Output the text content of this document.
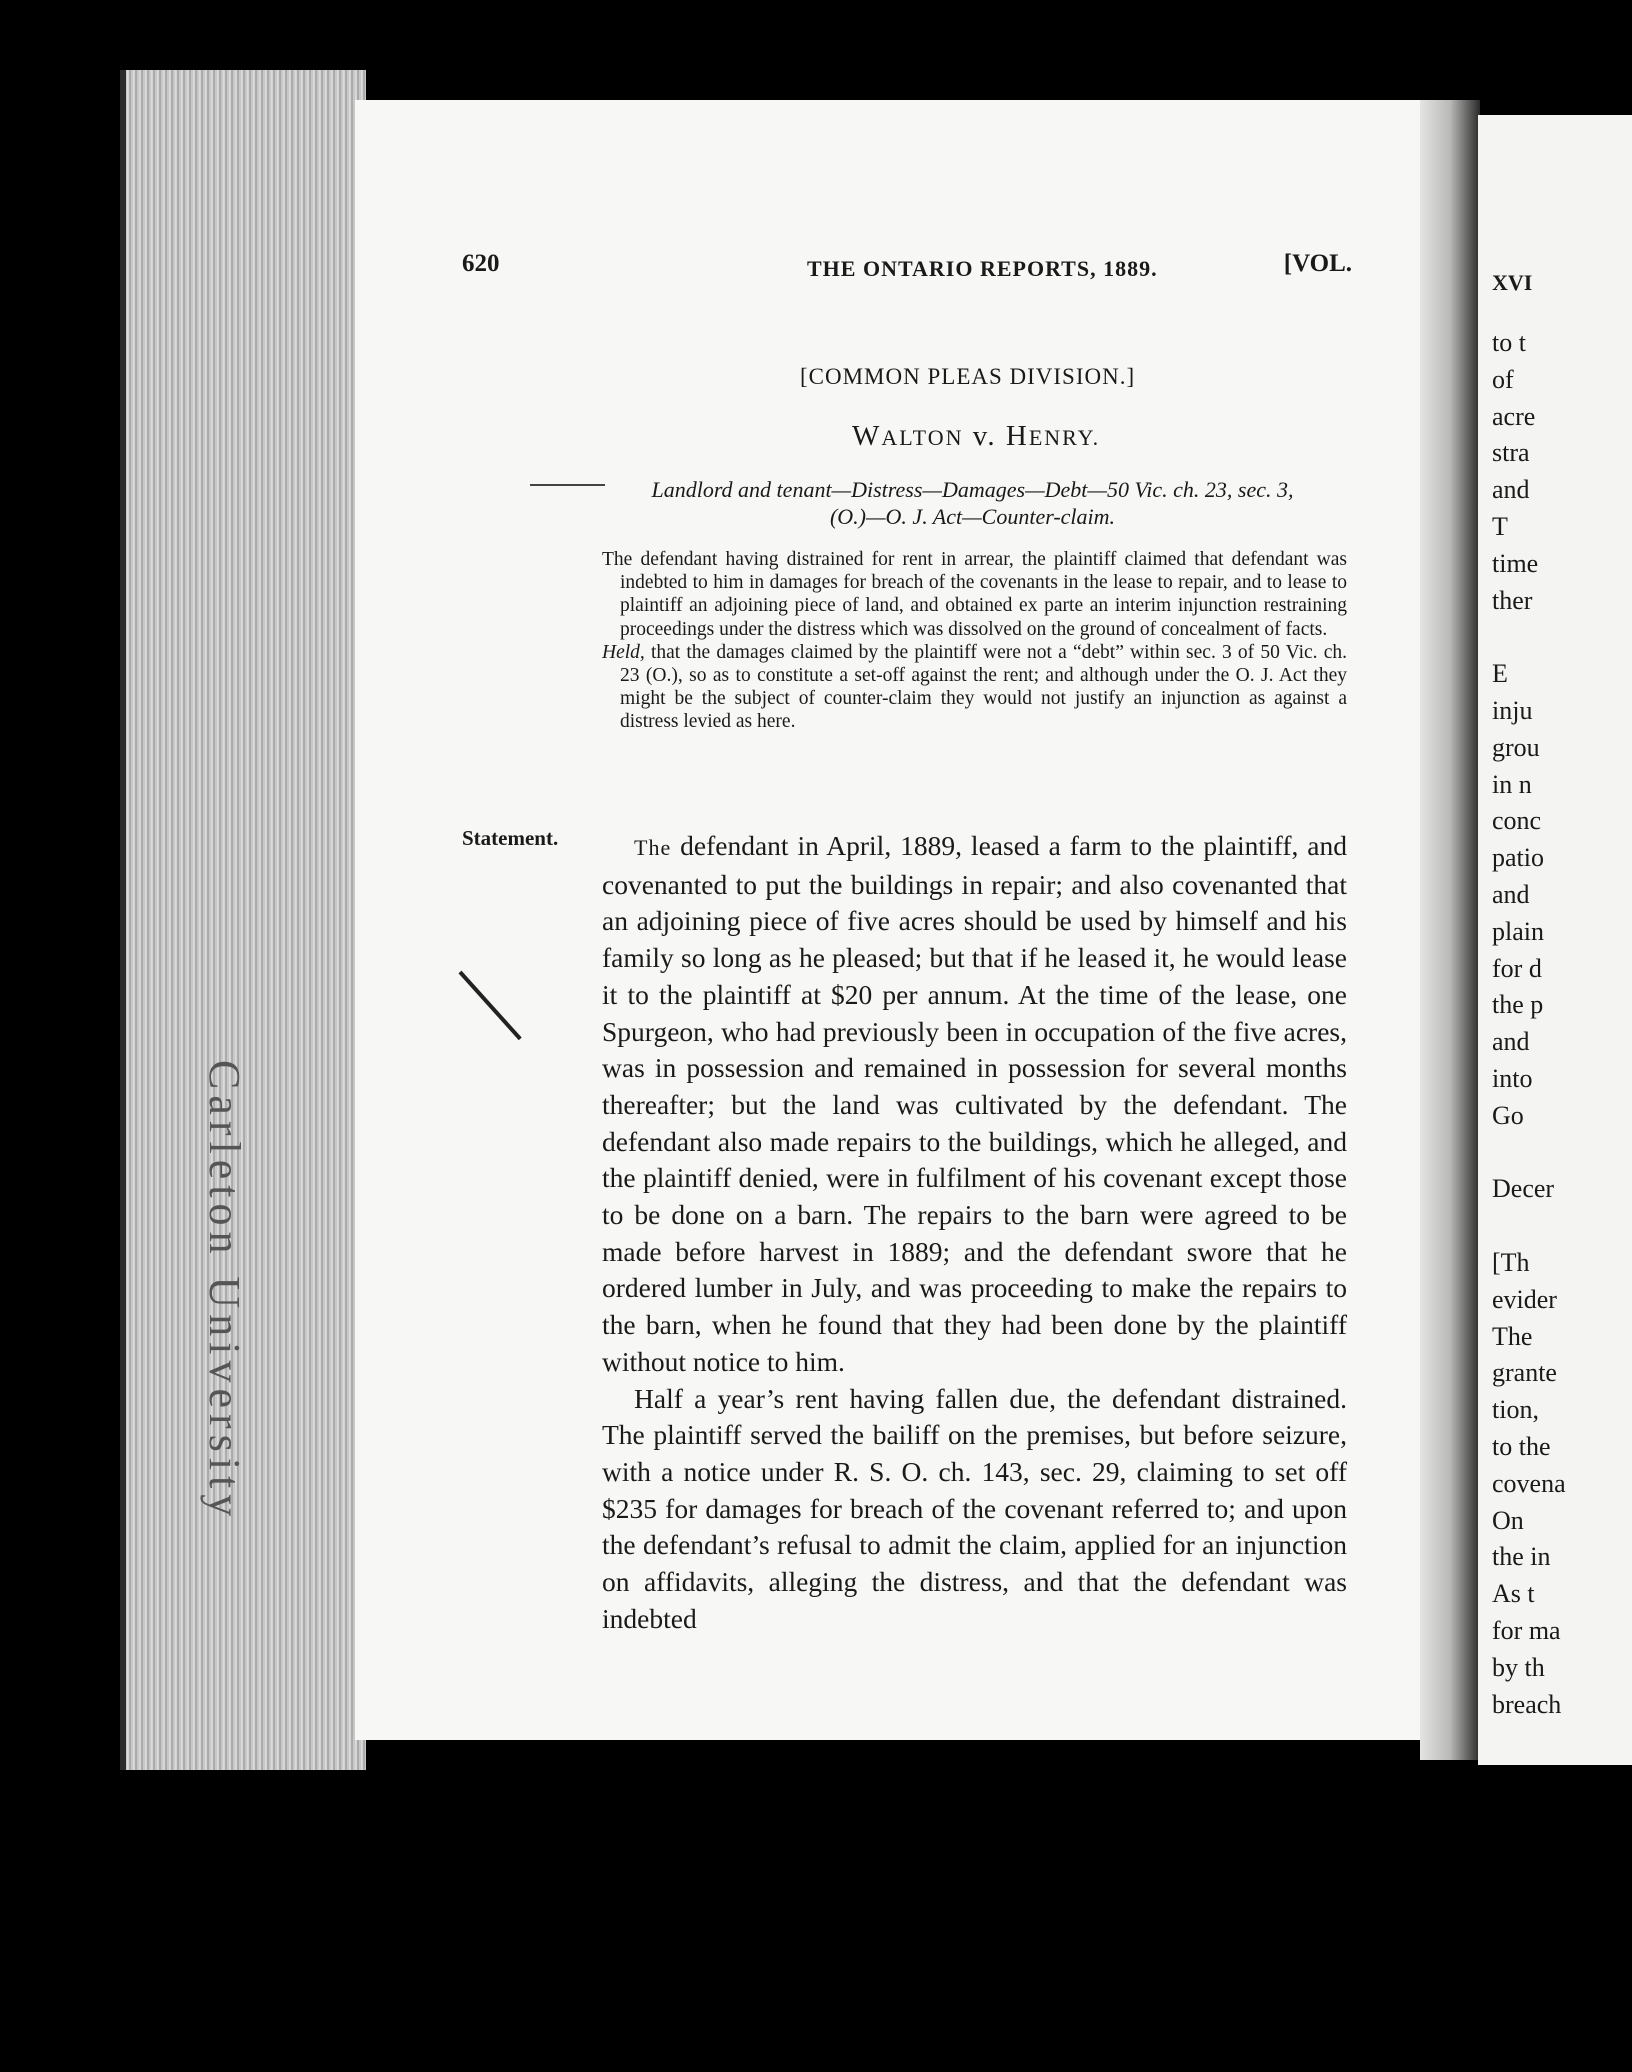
Carleton University
XVI
to t
of
acre
stra
and
T
time
ther
E
inju
grou
in n
conc
patio
and
plain
for d
the p
and
into
Go
Decer
[Th
evider
The
grante
tion,
to the
covena
On
the in
As t
for ma
by th
breach
620	THE ONTARIO REPORTS, 1889.	[VOL.
[COMMON PLEAS DIVISION.]
WALTON v. HENRY.
Landlord and tenant—Distress—Damages—Debt—50 Vic. ch. 23, sec. 3,
(O.)—O. J. Act—Counter-claim.

The defendant having distrained for rent in arrear, the plaintiff claimed that defendant was indebted to him in damages for breach of the covenants in the lease to repair, and to lease to plaintiff an adjoining piece of land, and obtained ex parte an interim injunction restraining proceedings under the distress which was dissolved on the ground of concealment of facts.

Held, that the damages claimed by the plaintiff were not a “debt” within sec. 3 of 50 Vic. ch. 23 (O.), so as to constitute a set-off against the rent; and although under the O. J. Act they might be the subject of counter-claim they would not justify an injunction as against a distress levied as here.

Statement.	The defendant in April, 1889, leased a farm to the plaintiff, and covenanted to put the buildings in repair; and also covenanted that an adjoining piece of five acres should be used by himself and his family so long as he pleased; but that if he leased it, he would lease it to the plaintiff at $20 per annum. At the time of the lease, one Spurgeon, who had previously been in occupation of the five acres, was in possession and remained in possession for several months thereafter; but the land was cultivated by the defendant. The defendant also made repairs to the buildings, which he alleged, and the plaintiff denied, were in fulfilment of his covenant except those to be done on a barn. The repairs to the barn were agreed to be made before harvest in 1889; and the defendant swore that he ordered lumber in July, and was proceeding to make the repairs to the barn, when he found that they had been done by the plaintiff without notice to him.

Half a year’s rent having fallen due, the defendant distrained. The plaintiff served the bailiff on the premises, but before seizure, with a notice under R. S. O. ch. 143, sec. 29, claiming to set off $235 for damages for breach of the covenant referred to; and upon the defendant’s refusal to admit the claim, applied for an injunction on affidavits, alleging the distress, and that the defendant was indebted
